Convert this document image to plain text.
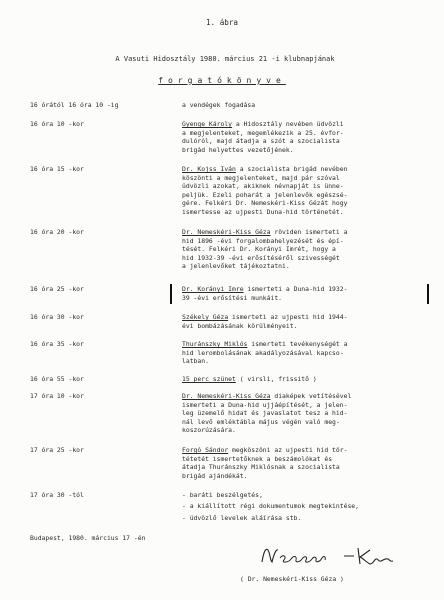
1. ábra
A Vasuti Hidosztály 1980. március 21 -i klubnapjának
forgatókönyve
16 órától 16 óra 10 -ig	a vendégek fogadása
16 óra 10 -kor	Gyenge Károly a Hidosztály nevében üdvözli
a megjelenteket, megemlékezik a 25. évfor-
dulóról, majd átadja a szót a szocialista
brigád helyettes vezetőjének.
16 óra 15 -kor	Dr. Kojss Iván a szocialista brigád nevében
köszönti a megjelenteket, majd pár szóval
üdvözli azokat, akiknek névnapját is ünne-
peljük. Ezeli poharát a jelenlevők egészsé-
gére. Felkéri Dr. Nemeskéri-Kiss Gézát hogy
ismertesse az ujpesti Duna-hid történetét.
16 óra 20 -kor	Dr. Nemeskéri-Kiss Géza röviden ismerteti a
hid 1896 -évi forgalombahelyezését és épí-
tését. Felkéri Dr. Korányi Imrét, hogy a
hid 1932-39 -évi erősítéséről szivességét
a jelenlevőket tájékoztatni.
16 óra 25 -kor	Dr. Korányi Imre ismerteti a Duna-hid 1932-
39 -évi erősítési munkáit.
16 óra 30 -kor	Székely Géza ismerteti az ujpesti hid 1944-
évi bombázásának körülményeit.
16 óra 35 -kor	Thuránszky Miklós ismerteti tevékenységét a
hid lerombolásának akadályozásával kapcso-
latban.
16 óra 55 -kor	15 perc szünet ( virsli, frissitő )
17 óra 10 -kor	Dr. Nemeskéri-Kiss Géza diaképek vetítésével
ismerteti a Duna-hid ujjáépítését, a jelen-
leg üzemelő hidat és javaslatot tesz a hid-
nál levő emléktábla május végén való meg-
koszorúzására.
17 óra 25 -kor	Forgó Sándor megköszöni az ujpesti hid tör-
tétetét ismertetőknek a beszámolókat és
átadja Thuránszky Miklósnak a szocialista
brigád ajándékát.
17 óra 30 -tól	- baráti beszélgetés,
- a kiállított régi dokumentumok megtekintése,
- üdvözlő levelek aláírása stb.
Budapest, 1980. március 17 -én
( Dr. Nemeskéri-Kiss Géza )
